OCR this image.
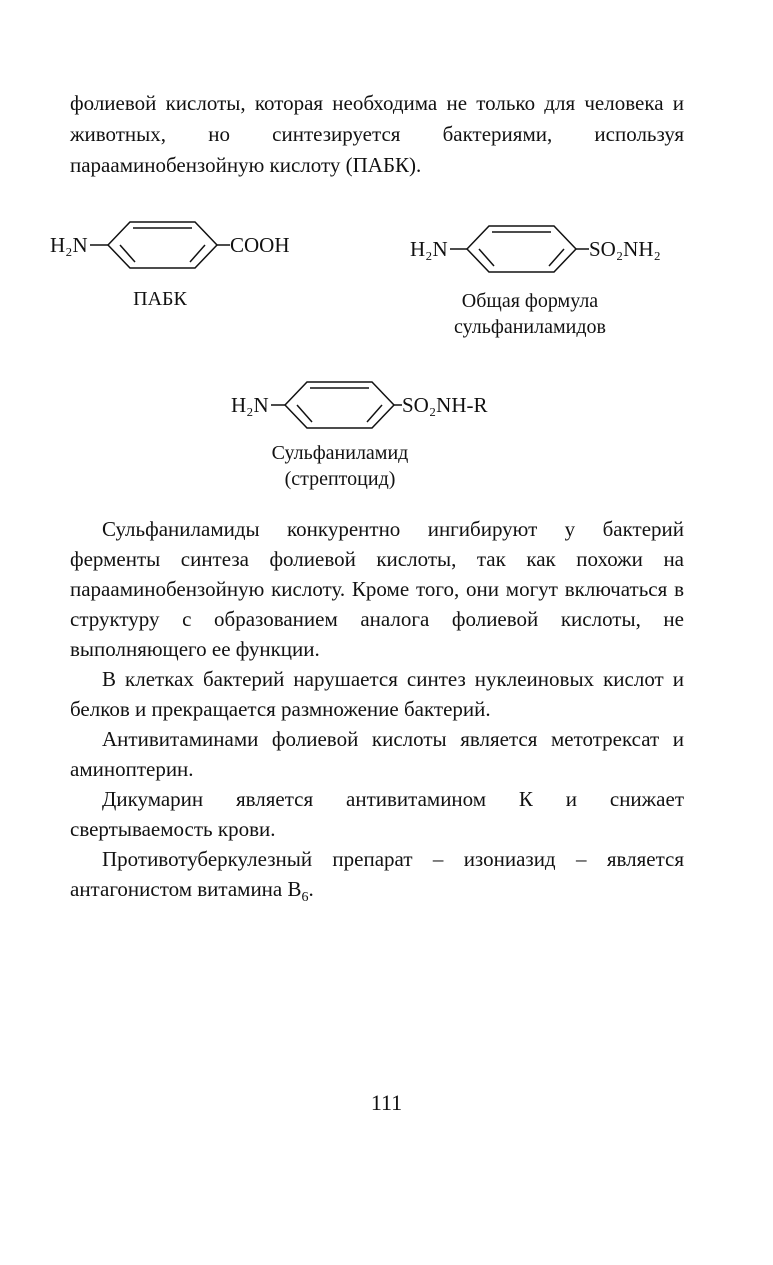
фолиевой кислоты, которая необходима не только для человека и животных, но синтезируется бактериями, используя парааминобензойную кислоту (ПАБК).

H₂N	COOH

ПАБК

H₂N	SO₂NH₂

Общая формула
сульфаниламидов

H₂N	SO₂NH-R

Сульфаниламид
(стрептоцид)

Сульфаниламиды конкурентно ингибируют у бактерий ферменты синтеза фолиевой кислоты, так как похожи на парааминобензойную кислоту. Кроме того, они могут включаться в структуру с образованием аналога фолиевой кислоты, не выполняющего ее функции.

В клетках бактерий нарушается синтез нуклеиновых кислот и белков и прекращается размножение бактерий.

Антивитаминами фолиевой кислоты является метотрексат и аминоптерин.

Дикумарин является антивитамином К и снижает свертываемость крови.

Противотуберкулезный препарат – изониазид – является антагонистом витамина $В_6$.

111
